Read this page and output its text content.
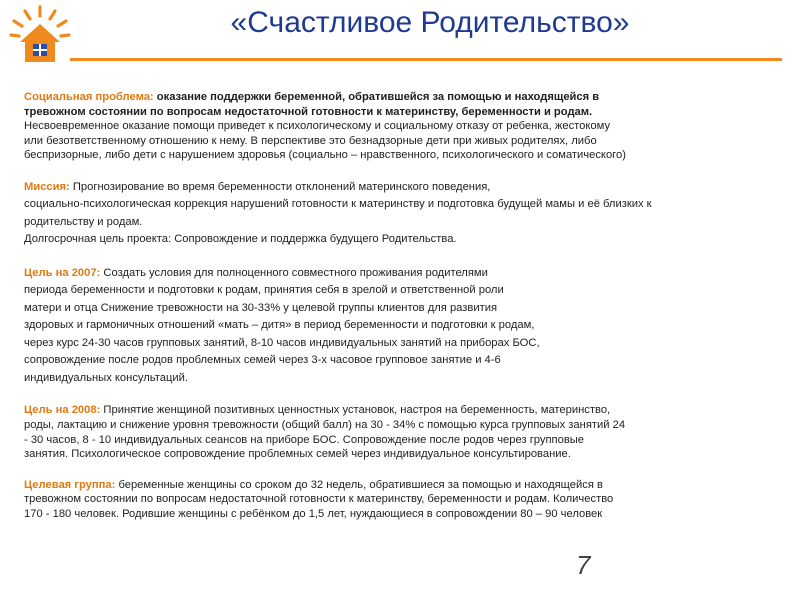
«Счастливое Родительство»
Социальная проблема: оказание поддержки беременной, обратившейся за помощью и находящейся в
тревожном состоянии по вопросам недостаточной готовности к материнству, беременности и родам.
Несвоевременное оказание помощи приведет к психологическому и социальному отказу от ребенка, жестокому
или безответственному отношению к нему. В перспективе это безнадзорные дети при живых родителях, либо
беспризорные, либо дети с нарушением здоровья (социально – нравственного, психологического и соматического)
Миссия: Прогнозирование во время беременности отклонений материнского поведения,
социально-психологическая коррекция нарушений готовности к материнству и подготовка будущей мамы и её близких к
родительству и родам.
Долгосрочная цель проекта: Сопровождение и поддержка будущего Родительства.
Цель на 2007: Создать условия для полноценного совместного проживания родителями
периода беременности и подготовки к родам, принятия себя в зрелой и ответственной роли
матери и отца Снижение тревожности на 30-33% у целевой группы клиентов для развития
здоровых и гармоничных отношений «мать – дитя» в период беременности и подготовки к родам,
через курс 24-30 часов групповых занятий, 8-10 часов индивидуальных занятий на приборах БОС,
сопровождение после родов проблемных семей через 3-х часовое групповое занятие и 4-6
индивидуальных консультаций.
Цель на 2008: Принятие женщиной позитивных ценностных установок, настроя на беременность, материнство,
роды, лактацию и снижение уровня тревожности (общий балл) на 30 - 34% с помощью курса групповых занятий 24
- 30 часов, 8 - 10 индивидуальных сеансов на приборе БОС. Сопровождение после родов через групповые
занятия. Психологическое сопровождение проблемных семей через индивидуальное консультирование.
Целевая группа: беременные женщины со сроком до 32 недель, обратившиеся за помощью и находящейся в
тревожном состоянии по вопросам недостаточной готовности к материнству, беременности и родам. Количество
170 - 180 человек. Родившие женщины с ребёнком до 1,5 лет, нуждающиеся в сопровождении 80 – 90 человек
7
